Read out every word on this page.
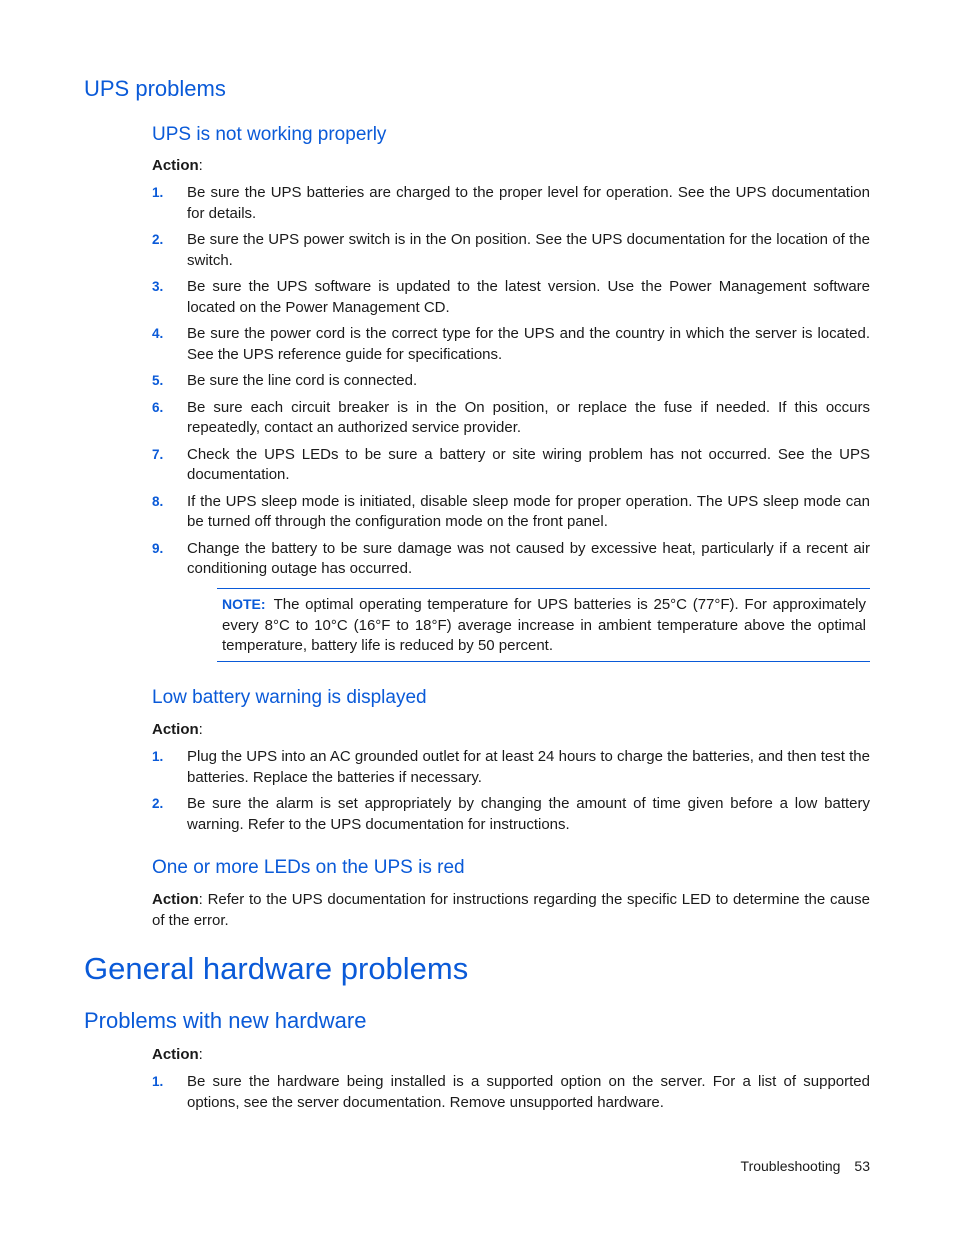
UPS problems
UPS is not working properly
Action:
1. Be sure the UPS batteries are charged to the proper level for operation. See the UPS documentation for details.
2. Be sure the UPS power switch is in the On position. See the UPS documentation for the location of the switch.
3. Be sure the UPS software is updated to the latest version. Use the Power Management software located on the Power Management CD.
4. Be sure the power cord is the correct type for the UPS and the country in which the server is located. See the UPS reference guide for specifications.
5. Be sure the line cord is connected.
6. Be sure each circuit breaker is in the On position, or replace the fuse if needed. If this occurs repeatedly, contact an authorized service provider.
7. Check the UPS LEDs to be sure a battery or site wiring problem has not occurred. See the UPS documentation.
8. If the UPS sleep mode is initiated, disable sleep mode for proper operation. The UPS sleep mode can be turned off through the configuration mode on the front panel.
9. Change the battery to be sure damage was not caused by excessive heat, particularly if a recent air conditioning outage has occurred.
NOTE: The optimal operating temperature for UPS batteries is 25°C (77°F). For approximately every 8°C to 10°C (16°F to 18°F) average increase in ambient temperature above the optimal temperature, battery life is reduced by 50 percent.
Low battery warning is displayed
Action:
1. Plug the UPS into an AC grounded outlet for at least 24 hours to charge the batteries, and then test the batteries. Replace the batteries if necessary.
2. Be sure the alarm is set appropriately by changing the amount of time given before a low battery warning. Refer to the UPS documentation for instructions.
One or more LEDs on the UPS is red
Action: Refer to the UPS documentation for instructions regarding the specific LED to determine the cause of the error.
General hardware problems
Problems with new hardware
Action:
1. Be sure the hardware being installed is a supported option on the server. For a list of supported options, see the server documentation. Remove unsupported hardware.
Troubleshooting 53
